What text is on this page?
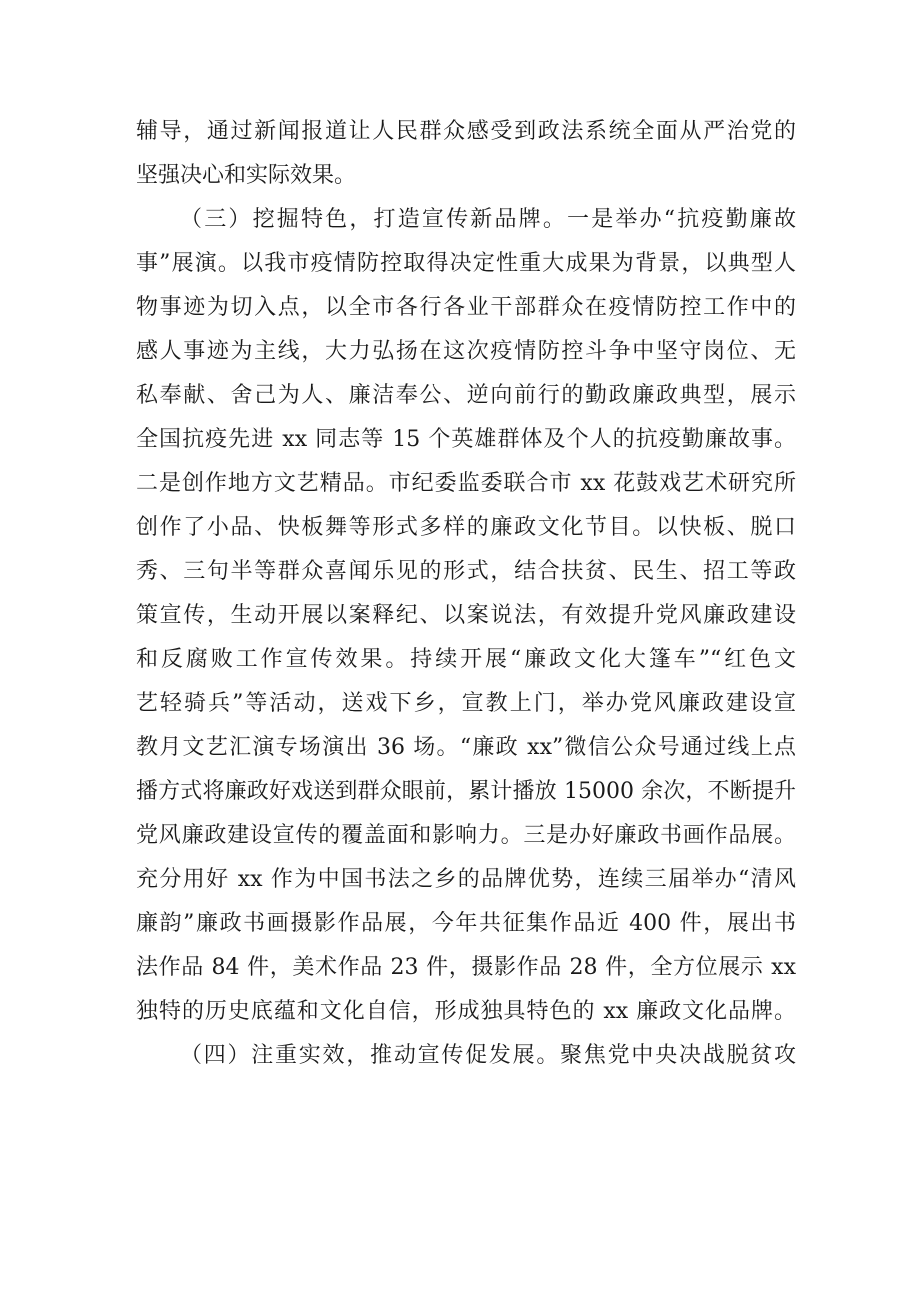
辅导，通过新闻报道让人民群众感受到政法系统全面从严治党的
坚强决心和实际效果。
（三）挖掘特色，打造宣传新品牌。一是举办“抗疫勤廉故
事”展演。以我市疫情防控取得决定性重大成果为背景，以典型人
物事迹为切入点，以全市各行各业干部群众在疫情防控工作中的
感人事迹为主线，大力弘扬在这次疫情防控斗争中坚守岗位、无
私奉献、舍己为人、廉洁奉公、逆向前行的勤政廉政典型，展示
全国抗疫先进 xx 同志等 15 个英雄群体及个人的抗疫勤廉故事。
二是创作地方文艺精品。市纪委监委联合市 xx 花鼓戏艺术研究所
创作了小品、快板舞等形式多样的廉政文化节目。以快板、脱口
秀、三句半等群众喜闻乐见的形式，结合扶贫、民生、招工等政
策宣传，生动开展以案释纪、以案说法，有效提升党风廉政建设
和反腐败工作宣传效果。持续开展“廉政文化大篷车”“红色文
艺轻骑兵”等活动，送戏下乡，宣教上门，举办党风廉政建设宣
教月文艺汇演专场演出 36 场。“廉政 xx”微信公众号通过线上点
播方式将廉政好戏送到群众眼前，累计播放 15000 余次，不断提升
党风廉政建设宣传的覆盖面和影响力。三是办好廉政书画作品展。
充分用好 xx 作为中国书法之乡的品牌优势，连续三届举办“清风
廉韵”廉政书画摄影作品展，今年共征集作品近 400 件，展出书
法作品 84 件，美术作品 23 件，摄影作品 28 件，全方位展示 xx
独特的历史底蕴和文化自信，形成独具特色的 xx 廉政文化品牌。
（四）注重实效，推动宣传促发展。聚焦党中央决战脱贫攻
